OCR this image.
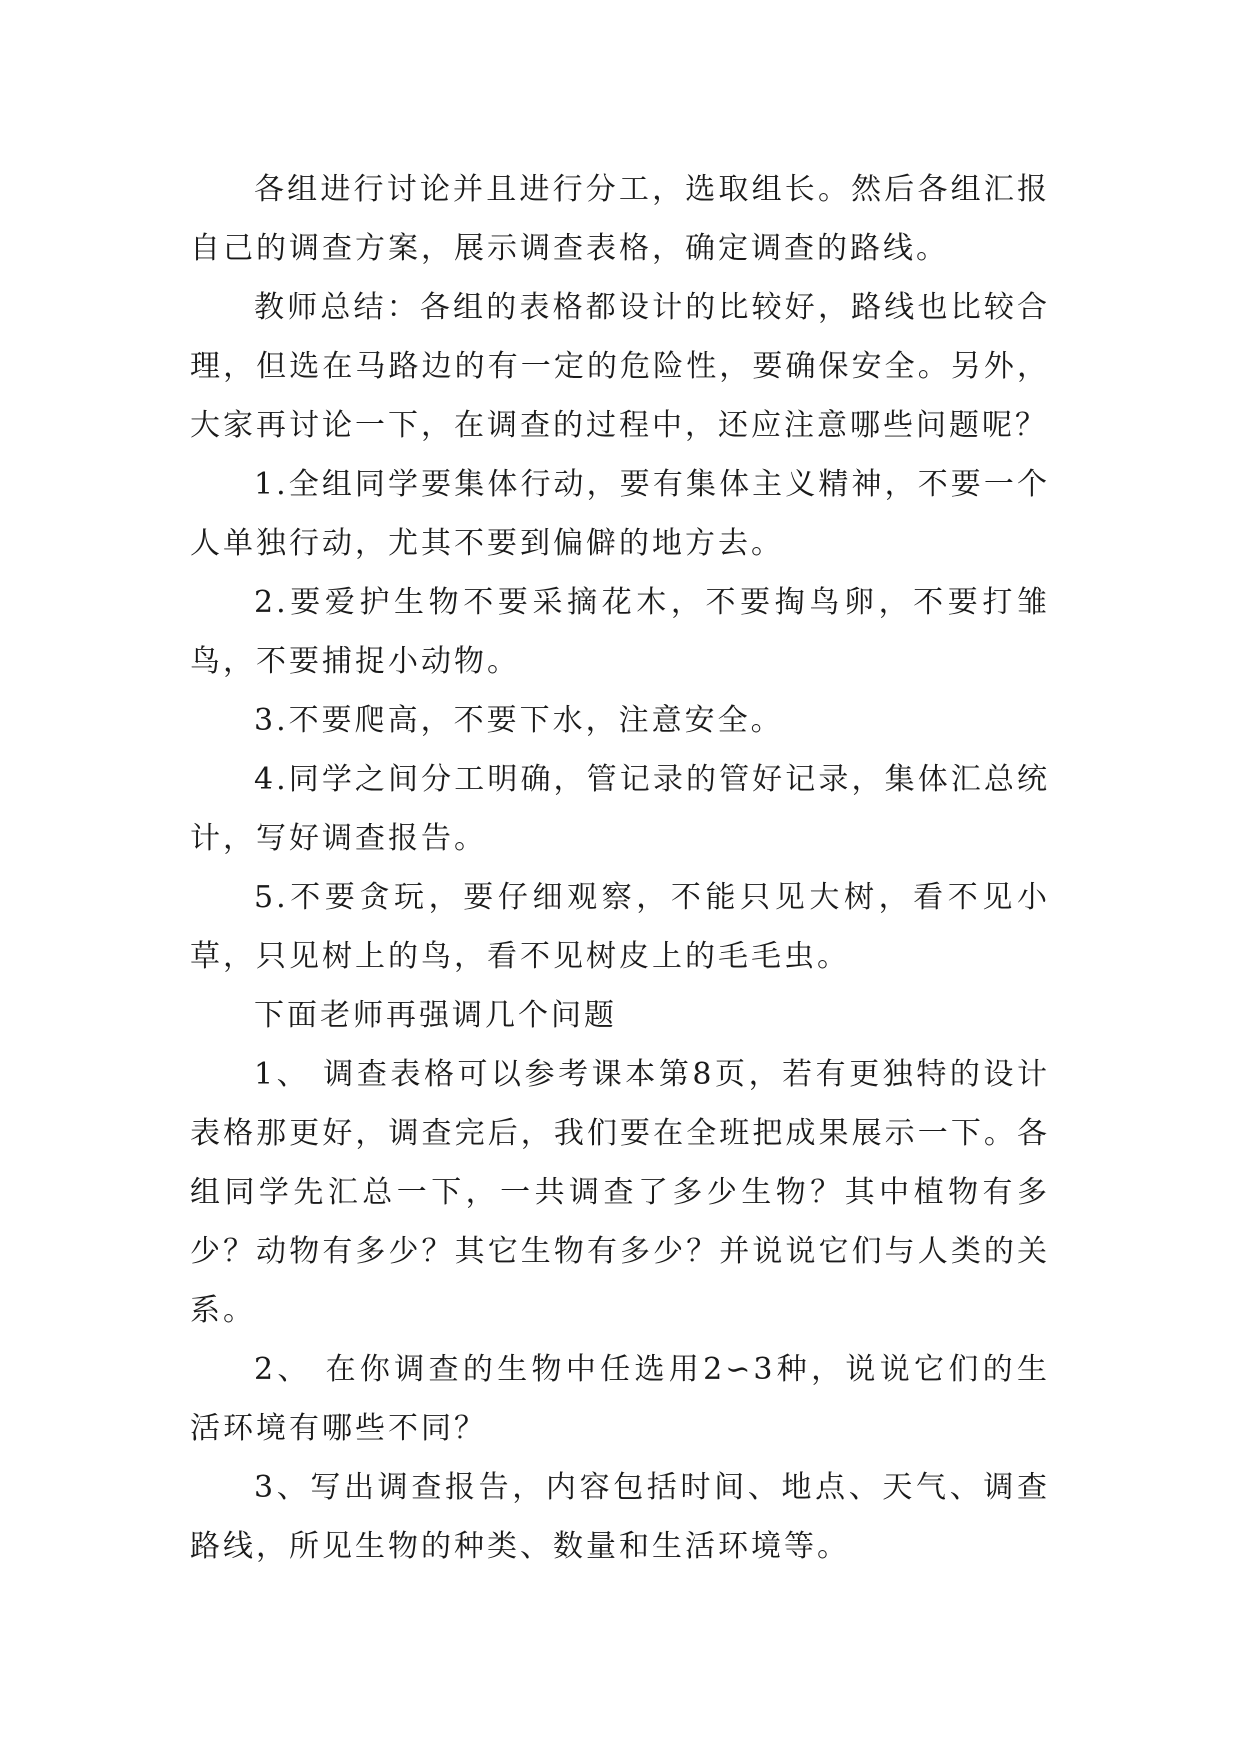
各组进行讨论并且进行分工，选取组长。然后各组汇报自己的调查方案，展示调查表格，确定调查的路线。

教师总结：各组的表格都设计的比较好，路线也比较合理，但选在马路边的有一定的危险性，要确保安全。另外，大家再讨论一下，在调查的过程中，还应注意哪些问题呢？

1.全组同学要集体行动，要有集体主义精神，不要一个人单独行动，尤其不要到偏僻的地方去。

2.要爱护生物不要采摘花木，不要掏鸟卵，不要打雏鸟，不要捕捉小动物。

3.不要爬高，不要下水，注意安全。

4.同学之间分工明确，管记录的管好记录，集体汇总统计，写好调查报告。

5.不要贪玩，要仔细观察，不能只见大树，看不见小草，只见树上的鸟，看不见树皮上的毛毛虫。

下面老师再强调几个问题

1、 调查表格可以参考课本第8页，若有更独特的设计表格那更好，调查完后，我们要在全班把成果展示一下。各组同学先汇总一下，一共调查了多少生物？其中植物有多少？动物有多少？其它生物有多少？并说说它们与人类的关系。

2、 在你调查的生物中任选用2∽3种，说说它们的生活环境有哪些不同？

3、写出调查报告，内容包括时间、地点、天气、调查路线，所见生物的种类、数量和生活环境等。
